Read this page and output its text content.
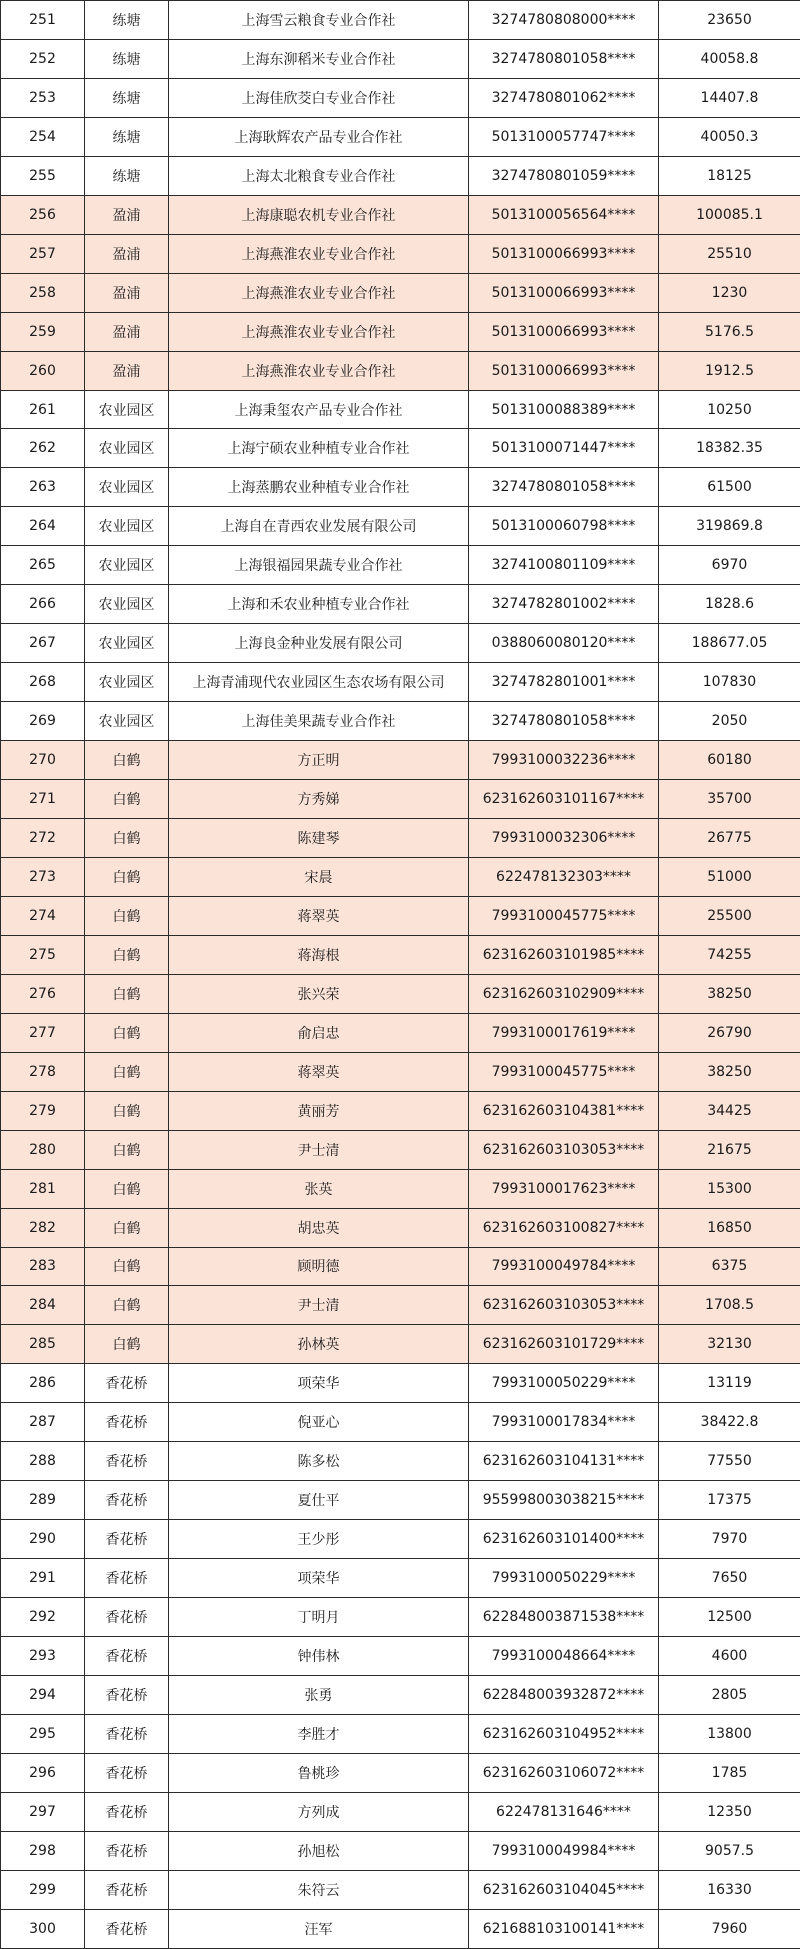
251	练塘	上海雪云粮食专业合作社	3274780808000****	23650
252	练塘	上海东泖稻米专业合作社	3274780801058****	40058.8
253	练塘	上海佳欣茭白专业合作社	3274780801062****	14407.8
254	练塘	上海耿辉农产品专业合作社	5013100057747****	40050.3
255	练塘	上海太北粮食专业合作社	3274780801059****	18125
256	盈浦	上海康聪农机专业合作社	5013100056564****	100085.1
257	盈浦	上海燕淮农业专业合作社	5013100066993****	25510
258	盈浦	上海燕淮农业专业合作社	5013100066993****	1230
259	盈浦	上海燕淮农业专业合作社	5013100066993****	5176.5
260	盈浦	上海燕淮农业专业合作社	5013100066993****	1912.5
261	农业园区	上海秉玺农产品专业合作社	5013100088389****	10250
262	农业园区	上海宁硕农业种植专业合作社	5013100071447****	18382.35
263	农业园区	上海蒸鹏农业种植专业合作社	3274780801058****	61500
264	农业园区	上海自在青西农业发展有限公司	5013100060798****	319869.8
265	农业园区	上海银福园果蔬专业合作社	3274100801109****	6970
266	农业园区	上海和禾农业种植专业合作社	3274782801002****	1828.6
267	农业园区	上海良金种业发展有限公司	0388060080120****	188677.05
268	农业园区	上海青浦现代农业园区生态农场有限公司	3274782801001****	107830
269	农业园区	上海佳美果蔬专业合作社	3274780801058****	2050
270	白鹤	方正明	7993100032236****	60180
271	白鹤	方秀娣	623162603101167****	35700
272	白鹤	陈建琴	7993100032306****	26775
273	白鹤	宋晨	622478132303****	51000
274	白鹤	蒋翠英	7993100045775****	25500
275	白鹤	蒋海根	623162603101985****	74255
276	白鹤	张兴荣	623162603102909****	38250
277	白鹤	俞启忠	7993100017619****	26790
278	白鹤	蒋翠英	7993100045775****	38250
279	白鹤	黄丽芳	623162603104381****	34425
280	白鹤	尹士清	623162603103053****	21675
281	白鹤	张英	7993100017623****	15300
282	白鹤	胡忠英	623162603100827****	16850
283	白鹤	顾明德	7993100049784****	6375
284	白鹤	尹士清	623162603103053****	1708.5
285	白鹤	孙林英	623162603101729****	32130
286	香花桥	项荣华	7993100050229****	13119
287	香花桥	倪亚心	7993100017834****	38422.8
288	香花桥	陈多松	623162603104131****	77550
289	香花桥	夏仕平	955998003038215****	17375
290	香花桥	王少彤	623162603101400****	7970
291	香花桥	项荣华	7993100050229****	7650
292	香花桥	丁明月	622848003871538****	12500
293	香花桥	钟伟林	7993100048664****	4600
294	香花桥	张勇	622848003932872****	2805
295	香花桥	李胜才	623162603104952****	13800
296	香花桥	鲁桃珍	623162603106072****	1785
297	香花桥	方列成	622478131646****	12350
298	香花桥	孙旭松	7993100049984****	9057.5
299	香花桥	朱符云	623162603104045****	16330
300	香花桥	汪军	621688103100141****	7960
